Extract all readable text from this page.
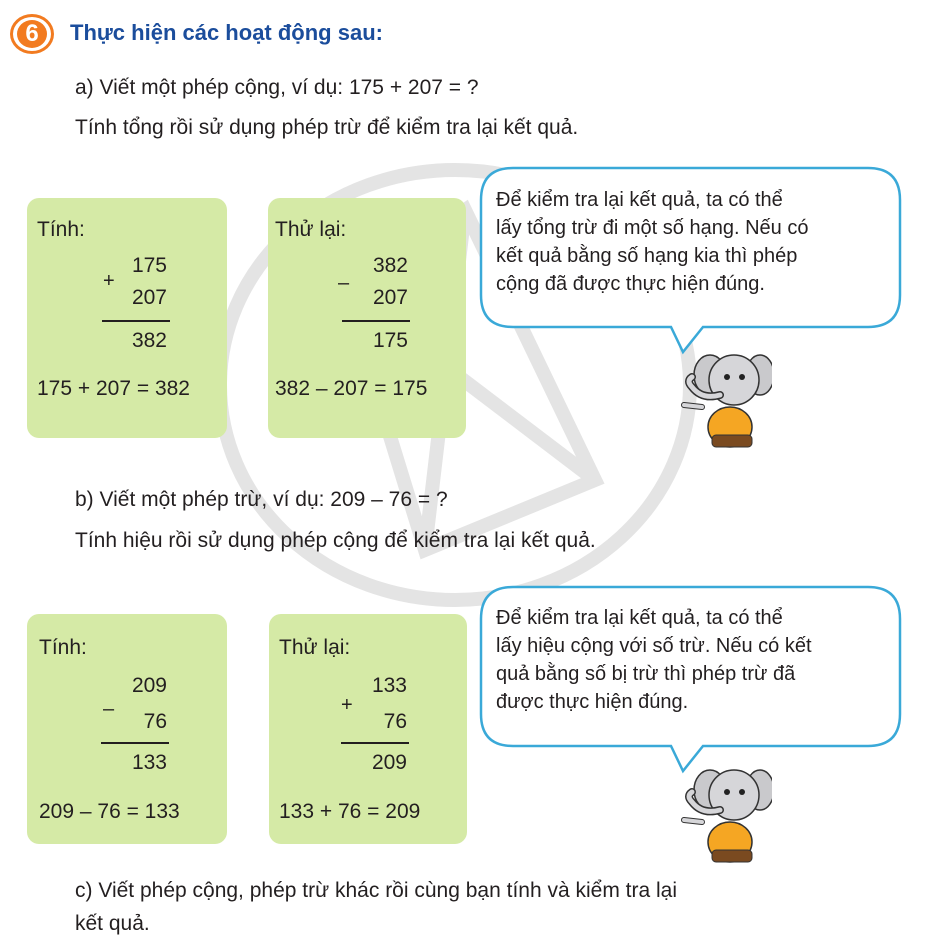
6	Thực hiện các hoạt động sau:
a) Viết một phép cộng, ví dụ: 175 + 207 = ?
Tính tổng rồi sử dụng phép trừ để kiểm tra lại kết quả.
Tính:
175
+
207
382
175 + 207 = 382
Thử lại:
382
–
207
175
382 – 207 = 175
Để kiểm tra lại kết quả, ta có thể
lấy tổng trừ đi một số hạng. Nếu có
kết quả bằng số hạng kia thì phép
cộng đã được thực hiện đúng.
b) Viết một phép trừ, ví dụ: 209 – 76 = ?
Tính hiệu rồi sử dụng phép cộng để kiểm tra lại kết quả.
Tính:
209
–
76
133
209 – 76 = 133
Thử lại:
133
+
76
209
133 + 76 = 209
Để kiểm tra lại kết quả, ta có thể
lấy hiệu cộng với số trừ. Nếu có kết
quả bằng số bị trừ thì phép trừ đã
được thực hiện đúng.
c) Viết phép cộng, phép trừ khác rồi cùng bạn tính và kiểm tra lại
kết quả.
